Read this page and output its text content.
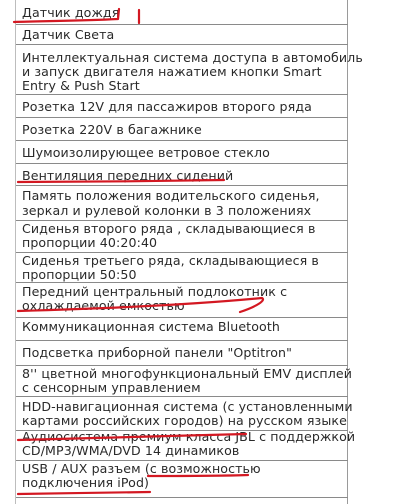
Датчик дождя
Датчик Света
Интеллектуальная система доступа в автомобиль
и запуск двигателя нажатием кнопки Smart
Entry & Push Start
Розетка 12V для пассажиров второго ряда
Розетка 220V в багажнике
Шумоизолирующее ветровое стекло
Вентиляция передних сидений
Память положения водительского сиденья,
зеркал и рулевой колонки в 3 положениях
Сиденья второго ряда , складывающиеся в
пропорции 40:20:40
Сиденья третьего ряда, складывающиеся в
пропорции 50:50
Передний центральный подлокотник с
охлаждаемой емкостью
Коммуникационная система Bluetooth
Подсветка приборной панели "Optitron"
8'' цветной многофункциональный EMV дисплей
с сенсорным управлением
HDD-навигационная система (с установленными
картами российских городов) на русском языке
Аудиосистема премиум класса JBL с поддержкой
CD/MP3/WMA/DVD 14 динамиков
USB / AUX разъем (с возможностью
подключения iPod)
